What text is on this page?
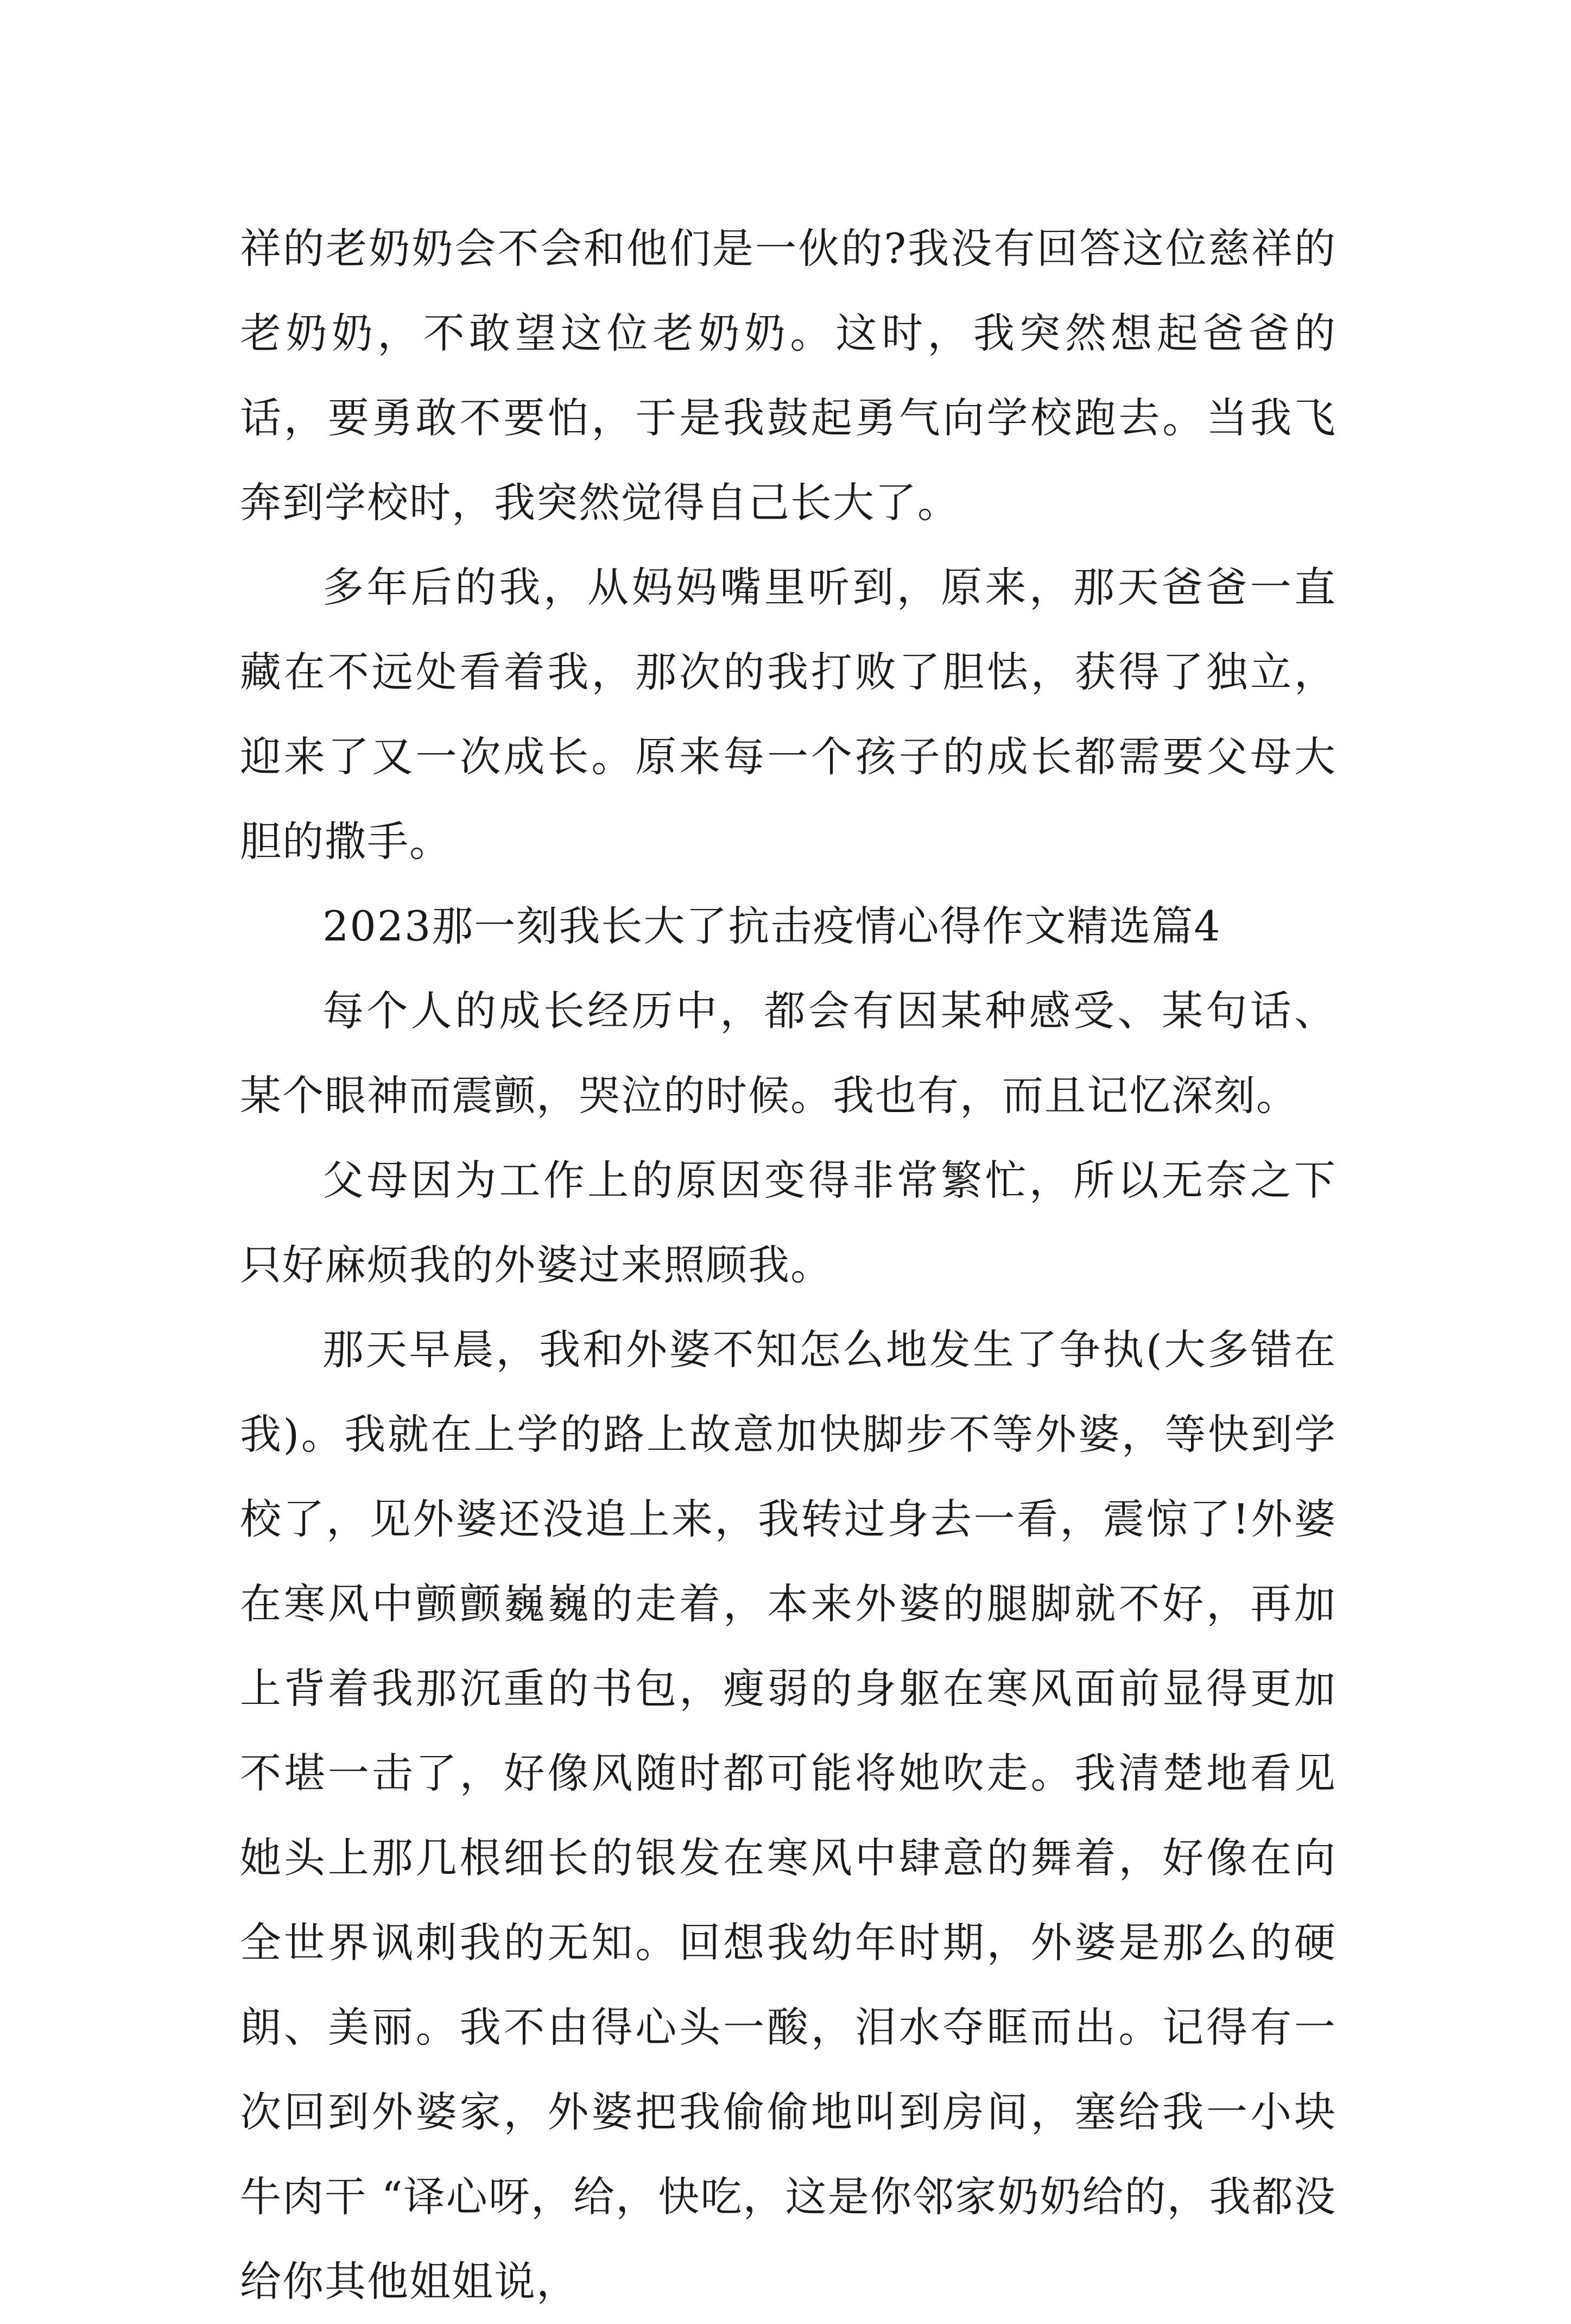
祥的老奶奶会不会和他们是一伙的?我没有回答这位慈祥的老奶奶，不敢望这位老奶奶。这时，我突然想起爸爸的话，要勇敢不要怕，于是我鼓起勇气向学校跑去。当我飞奔到学校时，我突然觉得自己长大了。

多年后的我，从妈妈嘴里听到，原来，那天爸爸一直藏在不远处看着我，那次的我打败了胆怯，获得了独立，迎来了又一次成长。原来每一个孩子的成长都需要父母大胆的撒手。

2023那一刻我长大了抗击疫情心得作文精选篇4

每个人的成长经历中，都会有因某种感受、某句话、某个眼神而震颤，哭泣的时候。我也有，而且记忆深刻。

父母因为工作上的原因变得非常繁忙，所以无奈之下只好麻烦我的外婆过来照顾我。

那天早晨，我和外婆不知怎么地发生了争执(大多错在我)。我就在上学的路上故意加快脚步不等外婆，等快到学校了，见外婆还没追上来，我转过身去一看，震惊了!外婆在寒风中颤颤巍巍的走着，本来外婆的腿脚就不好，再加上背着我那沉重的书包，瘦弱的身躯在寒风面前显得更加不堪一击了，好像风随时都可能将她吹走。我清楚地看见她头上那几根细长的银发在寒风中肆意的舞着，好像在向全世界讽刺我的无知。回想我幼年时期，外婆是那么的硬朗、美丽。我不由得心头一酸，泪水夺眶而出。记得有一次回到外婆家，外婆把我偷偷地叫到房间，塞给我一小块牛肉干 “译心呀，给，快吃，这是你邻家奶奶给的，我都没给你其他姐姐说，
